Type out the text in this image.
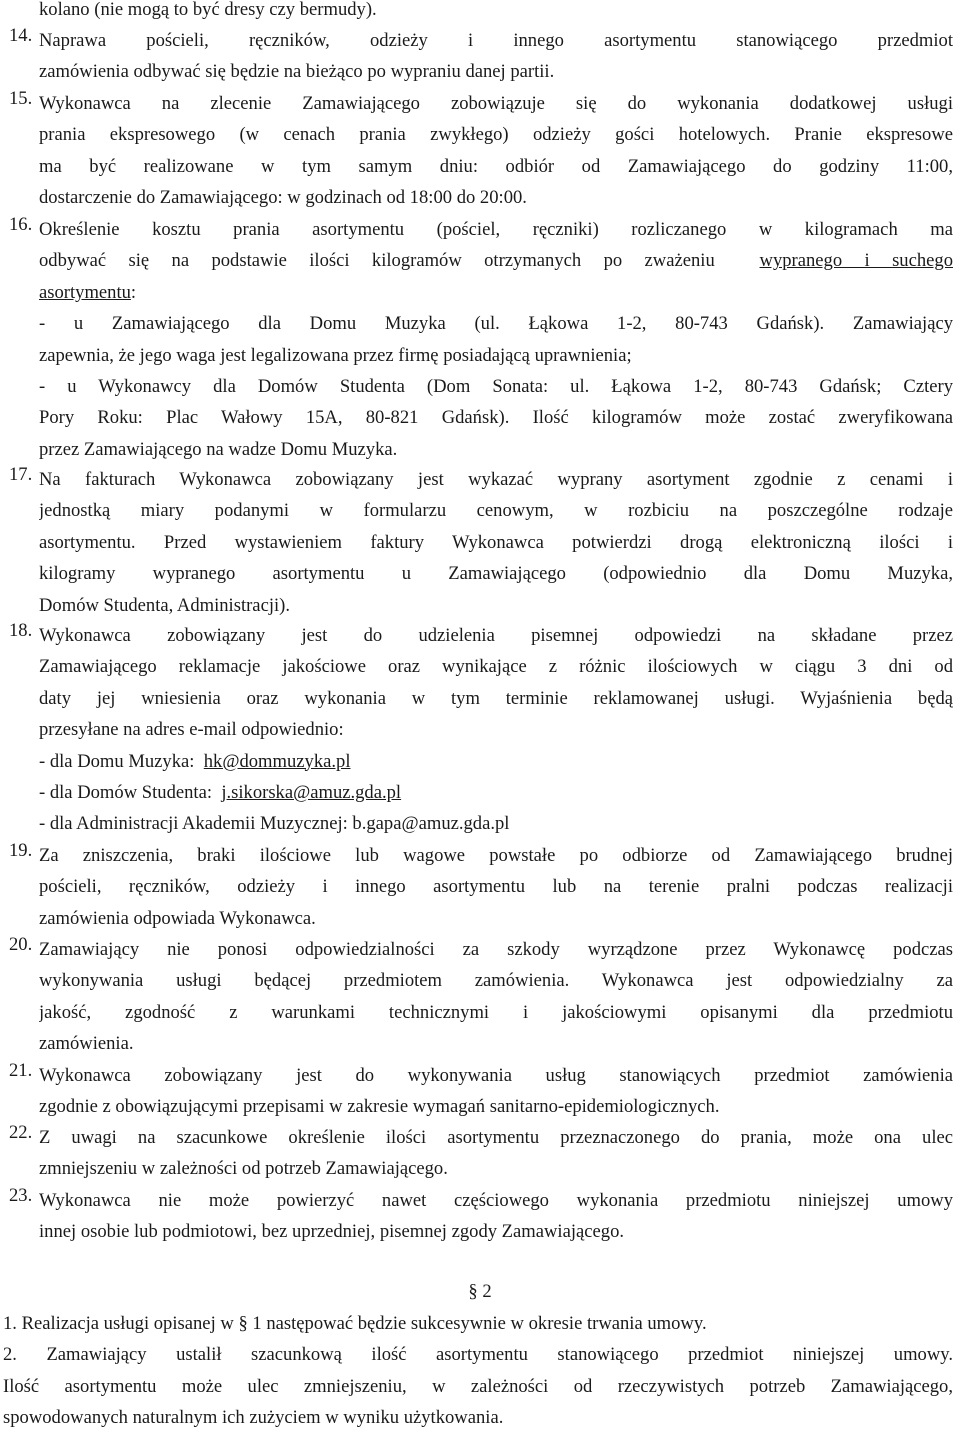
kolano (nie mogą to być dresy czy bermudy).
14. Naprawa pościeli, ręczników, odzieży i innego asortymentu stanowiącego przedmiot
zamówienia odbywać się będzie na bieżąco po wypraniu danej partii.
15. Wykonawca na zlecenie Zamawiającego zobowiązuje się do wykonania dodatkowej usługi
prania ekspresowego (w cenach prania zwykłego) odzieży gości hotelowych. Pranie ekspresowe
ma być realizowane w tym samym dniu: odbiór od Zamawiającego do godziny 11:00,
dostarczenie do Zamawiającego: w godzinach od 18:00 do 20:00.
16. Określenie kosztu prania asortymentu (pościel, ręczniki) rozliczanego w kilogramach ma
odbywać się na podstawie ilości kilogramów otrzymanych po zważeniu wypranego i suchego
asortymentu:
- u Zamawiającego dla Domu Muzyka (ul. Łąkowa 1-2, 80-743 Gdańsk). Zamawiający
zapewnia, że jego waga jest legalizowana przez firmę posiadającą uprawnienia;
- u Wykonawcy dla Domów Studenta (Dom Sonata: ul. Łąkowa 1-2, 80-743 Gdańsk; Cztery
Pory Roku: Plac Wałowy 15A, 80-821 Gdańsk). Ilość kilogramów może zostać zweryfikowana
przez Zamawiającego na wadze Domu Muzyka.
17. Na fakturach Wykonawca zobowiązany jest wykazać wyprany asortyment zgodnie z cenami i
jednostką miary podanymi w formularzu cenowym, w rozbiciu na poszczególne rodzaje
asortymentu. Przed wystawieniem faktury Wykonawca potwierdzi drogą elektroniczną ilości i
kilogramy wypranego asortymentu u Zamawiającego (odpowiednio dla Domu Muzyka,
Domów Studenta, Administracji).
18. Wykonawca zobowiązany jest do udzielenia pisemnej odpowiedzi na składane przez
Zamawiającego reklamacje jakościowe oraz wynikające z różnic ilościowych w ciągu 3 dni od
daty jej wniesienia oraz wykonania w tym terminie reklamowanej usługi. Wyjaśnienia będą
przesyłane na adres e-mail odpowiednio:
- dla Domu Muzyka:  hk@dommuzyka.pl
- dla Domów Studenta:  j.sikorska@amuz.gda.pl
- dla Administracji Akademii Muzycznej: b.gapa@amuz.gda.pl
19. Za zniszczenia, braki ilościowe lub wagowe powstałe po odbiorze od Zamawiającego brudnej
pościeli, ręczników, odzieży i innego asortymentu lub na terenie pralni podczas realizacji
zamówienia odpowiada Wykonawca.
20. Zamawiający nie ponosi odpowiedzialności za szkody wyrządzone przez Wykonawcę podczas
wykonywania usługi będącej przedmiotem zamówienia. Wykonawca jest odpowiedzialny za
jakość, zgodność z warunkami technicznymi i jakościowymi opisanymi dla przedmiotu
zamówienia.
21. Wykonawca zobowiązany jest do wykonywania usług stanowiących przedmiot zamówienia
zgodnie z obowiązującymi przepisami w zakresie wymagań sanitarno-epidemiologicznych.
22. Z uwagi na szacunkowe określenie ilości asortymentu przeznaczonego do prania, może ona ulec
zmniejszeniu w zależności od potrzeb Zamawiającego.
23. Wykonawca nie może powierzyć nawet częściowego wykonania przedmiotu niniejszej umowy
innej osobie lub podmiotowi, bez uprzedniej, pisemnej zgody Zamawiającego.
§ 2
1. Realizacja usługi opisanej w § 1 następować będzie sukcesywnie w okresie trwania umowy.
2. Zamawiający ustalił szacunkową ilość asortymentu stanowiącego przedmiot niniejszej umowy.
Ilość asortymentu może ulec zmniejszeniu, w zależności od rzeczywistych potrzeb Zamawiającego,
spowodowanych naturalnym ich zużyciem w wyniku użytkowania.
